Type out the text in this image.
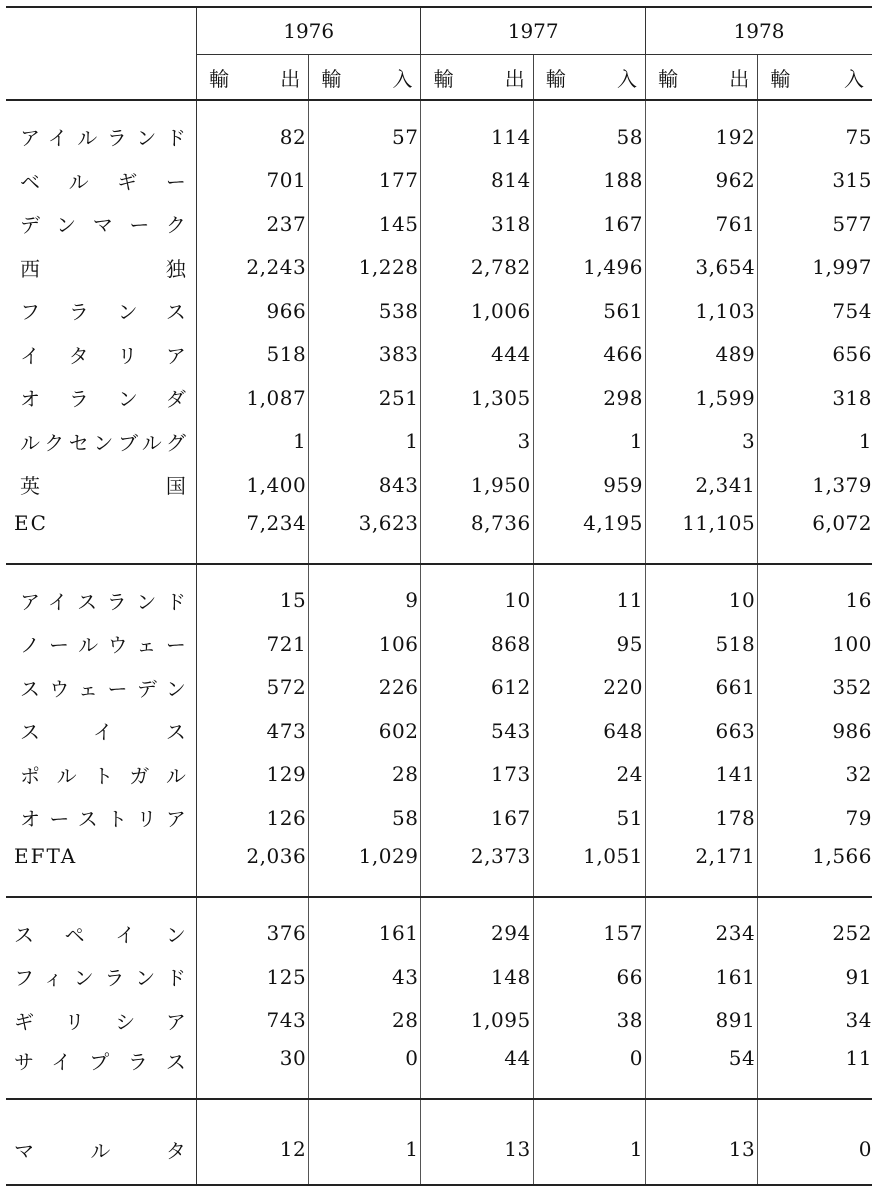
	1976		1977		1978	

	輸 出	輸 入	輸 出	輸 入	輸 出	輸 入

アイルランド	82	57	114	58	192	75

ベルギー	701	177	814	188	962	315

デンマーク	237	145	318	167	761	577

西独	2,243	1,228	2,782	1,496	3,654	1,997

フランス	966	538	1,006	561	1,103	754

イタリア	518	383	444	466	489	656

オランダ	1,087	251	1,305	298	1,599	318

ルクセンブルグ	1	1	3	1	3	1

英国	1,400	843	1,950	959	2,341	1,379

EC	7,234	3,623	8,736	4,195	11,105	6,072

アイスランド	15	9	10	11	10	16

ノールウェー	721	106	868	95	518	100

スウェーデン	572	226	612	220	661	352

スイス	473	602	543	648	663	986

ポルトガル	129	28	173	24	141	32

オーストリア	126	58	167	51	178	79

EFTA	2,036	1,029	2,373	1,051	2,171	1,566

スペイン	376	161	294	157	234	252

フィンランド	125	43	148	66	161	91

ギリシア	743	28	1,095	38	891	34

サイプラス	30	0	44	0	54	11

マルタ	12	1	13	1	13	0
